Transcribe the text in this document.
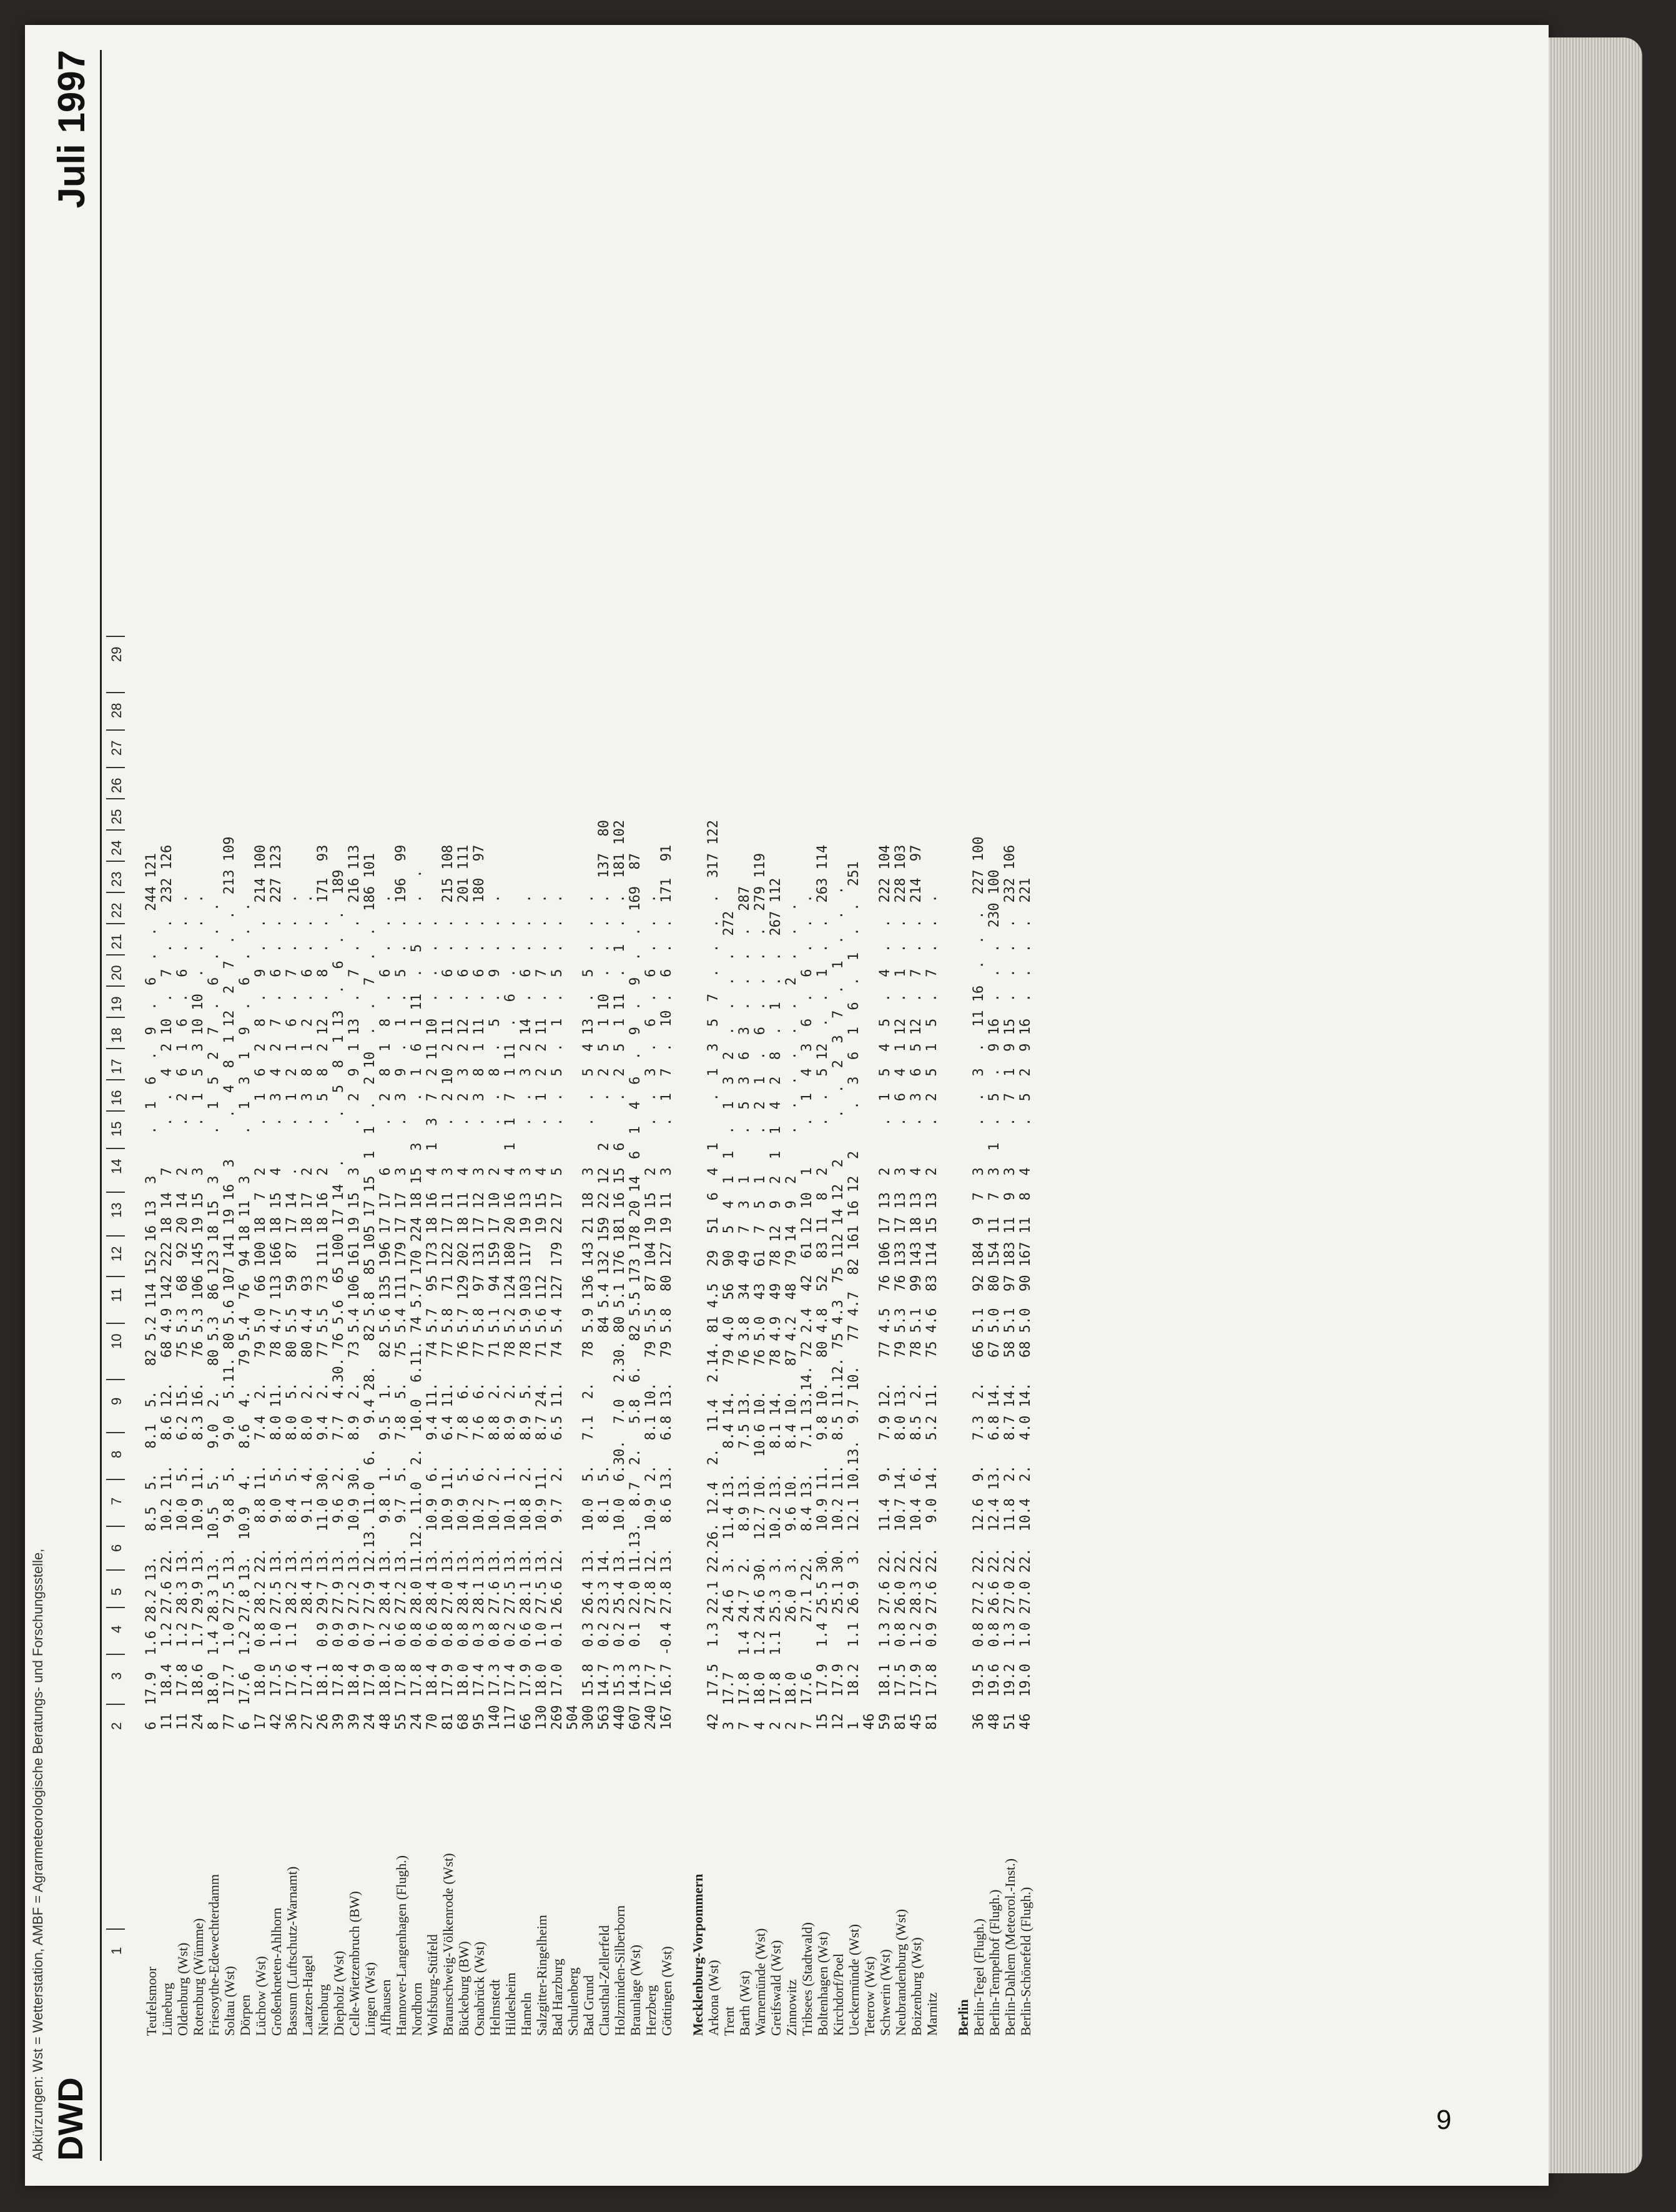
Abkürzungen: Wst = Wetterstation, AMBF = Agrarmeteorologische Beratungs- und Forschungsstelle, DWD
Juli 1997
1
2
3
4
5
6
7
8
9
10
11
12
13
14
15
16
17
18
19
20
21
22
23
24
25
26
27
28
29
Teufelsmoor
6  17.9  1.6 28.2 13.   8.5  5.   8.1  5.   82 5.2 114 152 16 13  3     .  1  6  .  9  .  6  .  .  244 121
Lüneburg
11  18.4  1.2 27.6 22.  10.2 11.   8.6 12.   68 4.9 142 222 18 14  7     .  .  4  2 10  .  7  .  .  232 126
Oldenburg (Wst)
11  17.8  1.2 28.3 13.  10.0  5.   6.2 15.   75 5.3  68  92 20 14  2     .  2  6  1  6  .  6  .  .  .
Rotenburg (Wümme)
24  18.6  1.7 29.9 13.  10.9 11.   8.3 16.   76 5.3 106 145 19 15  3     .  1  5  3 10 10  .  .  .  .
Friesoythe-Edewechterdamm
8  18.0  1.4 28.3 13.  10.5  5.   9.0  2.   80 5.3  86 123 18 15  3     .  1  5  2  7  .  6  .  .  .
Soltau (Wst)
77  17.7  1.0 27.5 13.   9.8  5.   9.0  5.11. 80 5.6 107 141 19 16  3     .  4  8  1 12  2  7  .  .  213 109
Dörpen
6  17.6  1.2 27.8 13.  10.9  4.   8.6  4.   79 5.4  76  94 18 11  3     .  1  3  1  9  .  6  .  .  .
Lüchow (Wst)
17  18.0  0.8 28.2 22.   8.8 11.   7.4  2.   79 5.0  66 100 18  7  2     .  1  6  2  8  .  9  .  .  214 100
Großenkneten-Ahlhorn
42  17.5  1.0 27.5 13.   9.0  5.   8.0 11.   78 4.7 113 166 18 15  4     .  3  4  2  7  .  6  .  .  227 123
Bassum (Luftschutz-Warnamt)
36  17.6  1.1 28.2 13.   8.4  5.   8.0  5.   80 5.5  59  87 17 14  .     .  1  2  1  6  .  7  .  .  .
Laatzen-Hagel
27  17.4      28.4 13.   9.1  4.   8.0  2.   80 4.4  93     18 17  2     .  3  8  1  2  .  6  .  .  .
Nienburg
26  18.1  0.9 29.7 13.  11.0 30.   9.4  2.   77 5.5  73 111 18 16  2     .  5  8  2 12  .  8  .  .  171  93
Diepholz (Wst)
39  17.8  0.9 27.9 13.   9.6  2.   7.7  4.30. 76 5.6  65 100 17 14  .     .  5  8  1 13  .  6  .  .  189
Celle-Wietzenbruch (BW)
39  18.4  0.9 27.2 13.  10.9 30.   8.9  2.   73 5.4 106 161 19 15  3     .  2  9  1 13  .  7  .  .  216 113
Lingen (Wst)
24  17.9  0.7 27.9 12.13. 11.0  6.   9.4 28.   82 5.8  85 105 17 15  1  1  .  2 10  .  .  7  .  .  186 101
Alfhausen
48  18.0  1.2 28.4 13.   9.8  1.   9.5  1.   82 5.6 135 196 17 17  6     .  2  8  1  8  .  6  .  .  .
Hannover-Langenhagen (Flugh.)
55  17.8  0.6 27.2 13.   9.7  5.   7.8  5.   75 5.4 111 179 17 17  3     .  3  9  .  1  .  5  .  .  196  99
Nordhorn
24  17.8  0.8 28.0 11.12. 11.0  2.  10.0  6.11. 74 5.7 170 224 18 15  3     .  1  6  1 11  .  5  .  .  .
Wolfsburg-Stüfeld
70  18.4  0.6 28.4 13.  10.9  6.   9.4 11.   74 5.7  95 173 18 16  4  1  3  7  2 11 10  .  .  .  .
Braunschweig-Völkenrode (Wst)
81  17.9  0.8 27.0 13.  10.9 11.   6.4 11.   77 5.8  71 122 17 11  3     .  2 10  2 11  .  6  .  .  215 108
Bückeburg (BW)
68  18.0  0.8 28.4 13.  10.9  5.   7.8  6.   76 5.7 129 202 18 11  4     .  2  3  2 12  .  6  .  .  201 111
Osnabrück (Wst)
95  17.4  0.3 28.1 13.  10.2  6.   7.6  6.   77 5.8  97 131 17 12  3     .  3  8  1 11  .  6  .  .  180  97
Helmstedt
140 17.3  0.8 27.6 13.  10.7  2.   8.8  2.   71 5.1  94 159 17 10  2     .  .  8  .  5  .  9  .  .  .
Hildesheim
117 17.4  0.2 27.5 13.  10.1  1.   8.9  2.   78 5.2 124 180 20 16  4  1  1  7  1 11  .  6  .  .  .
Hameln
66  17.9  0.6 28.1 13.  10.8  2.   8.9  5.   78 5.9 103 117 19 13  3     .  .  3  2 14  .  6  .  .  .
Salzgitter-Ringelheim
130 18.0  1.0 27.5 13.  10.9 11.   8.7 24.   71 5.6 112     19 15  4     .  1  2  2 11  .  7  .  .  .
Bad Harzburg
269 17.0  0.1 26.6 12.   9.7  2.   6.5 11.   74 5.4 127 179 22 17  5     .  .  5  .  1  .  5  .  .  .
Schulenberg
504
Bad Grund
300 15.8  0.3 26.4 13.  10.0  5.   7.1  2.   78 5.9 136 143 21 18  3     .  .  5  4 13  .  5  .  .  .
Clausthal-Zellerfeld
563 14.7  0.2 23.3 14.   8.1  5.                84 5.4 132 159 22 12  2     .  2  5  1 10  .  .  .  .  137  80
Holzminden-Silberborn
440 15.3  0.2 25.4 13.  10.0  6.30.  7.0  2.30. 80 5.1 176 181 16 15  6     .  2  5  1 11  .  1  .  .  181 102
Braunlage (Wst)
607 14.3  0.1 22.0 11.13.  8.7  2.   5.8  6.   82 5.5 173 178 20 14  6  1  4  6  .  9  .  9  .  .  169  87
Herzberg
240 17.7      27.8 12.  10.9  2.   8.1 10.   79 5.5  87 104 19 15  2     .  .  3  .  6  .  6  .  .  .
Göttingen (Wst)
167 16.7 -0.4 27.8 13.   8.6 13.   6.8 13.   79 5.8  80 127 19 11  3     .  1  7  .  10 .  6  .  .  171  91
Mecklenburg-Vorpommern Arkona (Wst)
42  17.5  1.3 22.1 22.26. 12.4  2.  11.4  2.14. 81 4.5  29  51  6  4  1     .  1  3  5  7  .  .  .  .  317 122
Trent
3  17.7      24.6  3.  11.4 13.   8.4 14.   79 4.0  56  90  5  4  1  1  .  1  3  2  .  .  .  .  272
Barth (Wst)
7  17.8  1.4 24.7  2.   8.9 13.   7.5 13.   76 3.8  34  49  7  3  1     .  5  3  6  3  .  .  .  .  287
Warnemünde (Wst)
4  18.0  1.2 24.6 30.  12.7 10.  10.6 10.   76 5.0  43  61  7  5  1     .  2  1  .  6  .  .  .  .  279 119
Greifswald (Wst)
2  17.8  1.1 25.3  3.  10.2 13.   8.1 14.   78 4.9  49  78 12  9  2  1  1  4  2  8  .  1  .  .  267 112
Zinnowitz
2  18.0      26.0  3.   9.6 10.   8.4 10.   87 4.2  48  79 14  9  2     .  .  .  .  .  .  2  .  .  .
Tribsees (Stadtwald)
7  17.6      27.1 22.   8.4 13.   7.1 13.14. 72 2.4  42  61 12 10  1     .  1  4  3  6  .  6  .  .  .
Boltenhagen (Wst)
15  17.9  1.4 25.5 30.  10.9 11.   9.8 10.   80 4.8  52  83 11  8  2     .  .  5 12  .  .  1  .  .  263 114
Kirchdorf/Poel
12  17.9      25.1 30.  10.2 11.   8.5 11.12. 75 4.3  75 112 14 12  2     .  .  2  3  7  .  1  .  .  .
Ueckermünde (Wst)
1   18.2  1.1 26.9  3.  12.1 10.13.  9.7 10.   77 4.7  82 161 16 12  2     .  3  6  1  6  .  1  .  .  251
Teterow (Wst)
46
Schwerin (Wst)
59  18.1  1.3 27.6 22.  11.4  9.   7.9 12.   77 4.5  76 106 17 13  2     .  1  5  4  5  .  4  .  .  222 104
Neubrandenburg (Wst)
81  17.5  0.8 26.0 22.  10.7 14.   8.0 13.   79 5.3  76 133 17 13  3     .  6  4  1 12  .  1  .  .  228 103
Boizenburg (Wst)
45  17.9  1.2 28.3 22.  10.4  6.   8.5  2.   78 5.1  99 143 18 13  4     .  3  6  5 12  .  7  .  .  214  97
Marnitz
81  17.8  0.9 27.6 22.   9.0 14.   5.2 11.   75 4.6  83 114 15 13  2     .  2  5  1  5  .  7  .  .  .
Berlin Berlin-Tegel (Flugh.)
36  19.5  0.8 27.2 22.  12.6  9.   7.3  2.   66 5.1  92 184  9  7  3     .  .  3  .  11 16  .  .  .  227 100
Berlin-Tempelhof (Flugh.)
48  19.6  0.8 26.6 22.  12.4 13.   6.8 14.   67 5.0  80 154 11  7  3  1  .  5  .  9 16  .  .  .  230 100
Berlin-Dahlem (Meteorol.-Inst.)
51  19.2  1.3 27.0 22.  11.8  2.   8.7 14.   58 5.1  97 183 11  9  3     .  7  1  9 15  .  .  .  .  232 106
Berlin-Schönefeld (Flugh.)
46  19.0  1.0 27.0 22.  10.4  2.   4.0 14.   68 5.0  90 167 11  8  4     .  5  2  9 16  .  .  .  .  221
9
